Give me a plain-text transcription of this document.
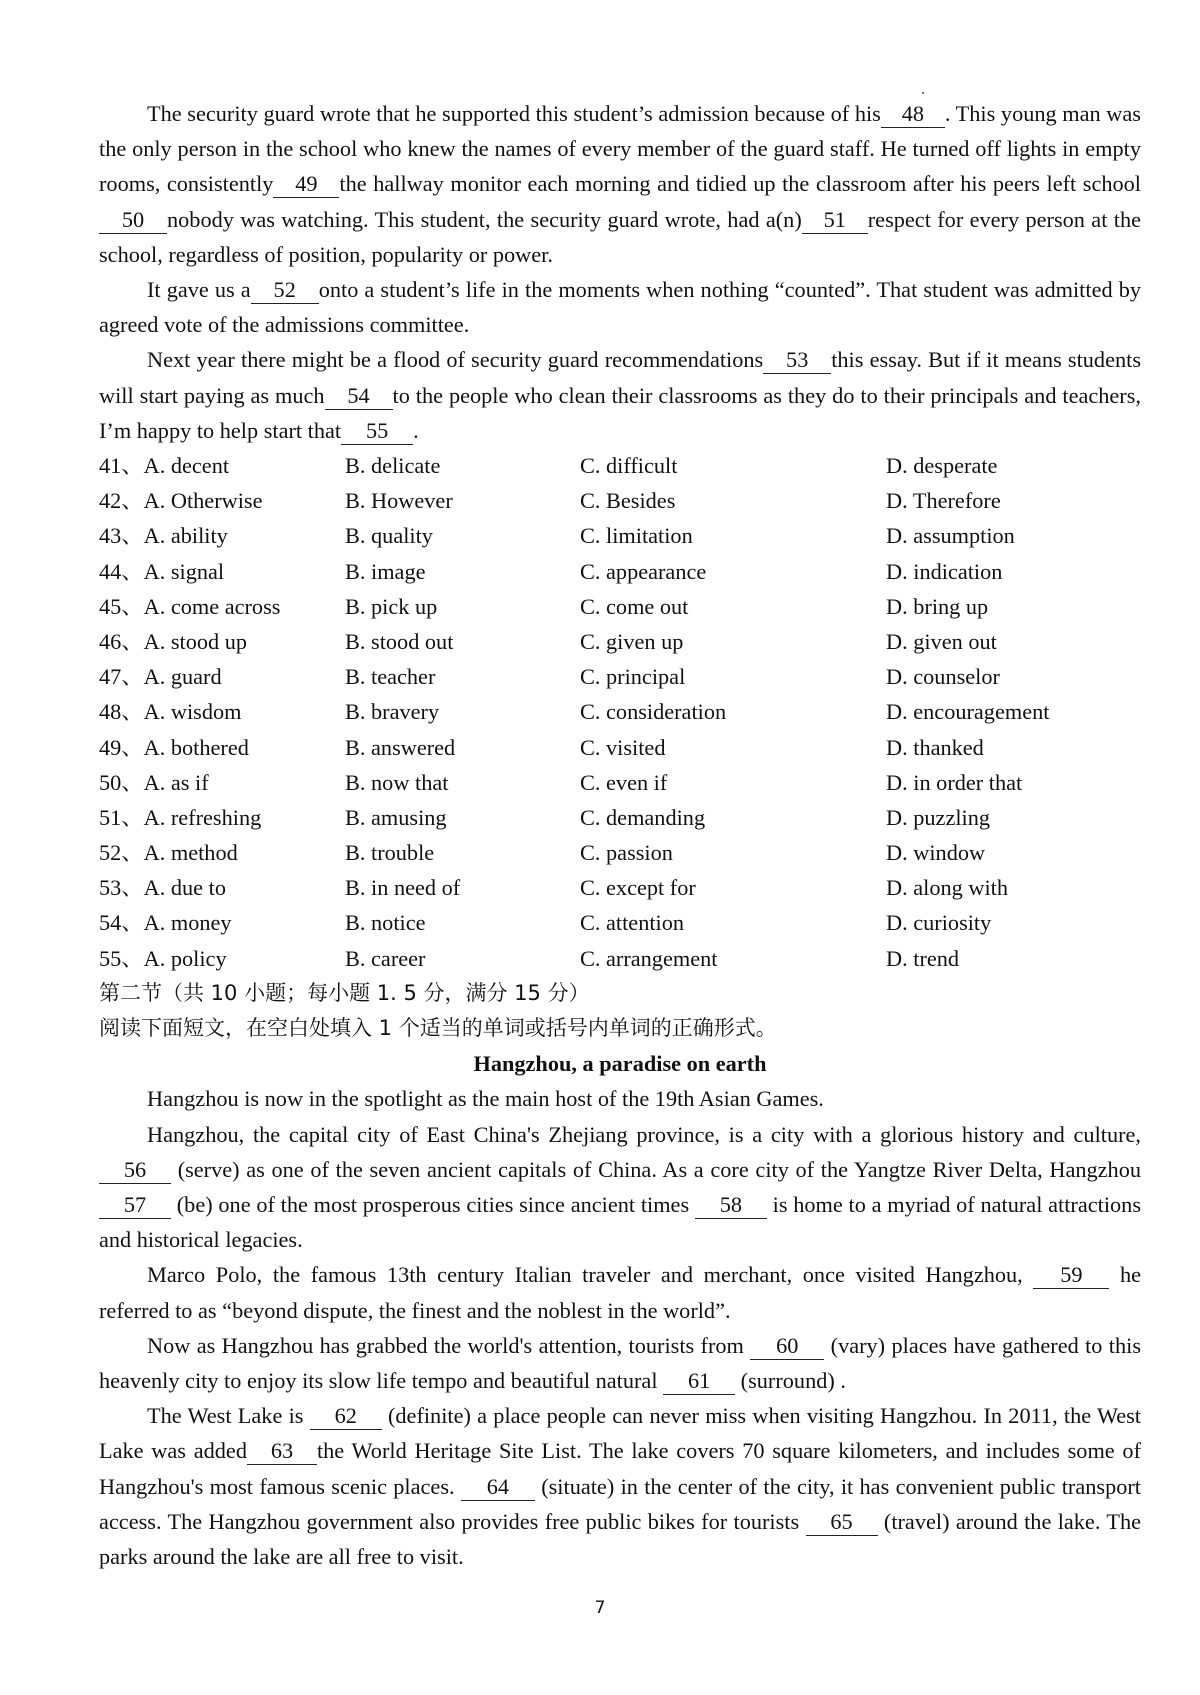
The security guard wrote that he supported this student’s admission because of his 48 . This young man was the only person in the school who knew the names of every member of the guard staff. He turned off lights in empty rooms, consistently 49 the hallway monitor each morning and tidied up the classroom after his peers left school50 nobody was watching. This student, the security guard wrote, had a(n) 51 respect for every person at the school, regardless of position, popularity or power.

It gave us a 52 onto a student’s life in the moments when nothing “counted”. That student was admitted by agreed vote of the admissions committee.

Next year there might be a flood of security guard recommendations 53 this essay. But if it means students will start paying as much 54 to the people who clean their classrooms as they do to their principals and teachers, I’m happy to help start that 55 .

41、A. decent	B. delicate	C. difficult	D. desperate
42、A. Otherwise	B. However	C. Besides	D. Therefore
43、A. ability	B. quality	C. limitation	D. assumption
44、A. signal	B. image	C. appearance	D. indication
45、A. come across	B. pick up	C. come out	D. bring up
46、A. stood up	B. stood out	C. given up	D. given out
47、A. guard	B. teacher	C. principal	D. counselor
48、A. wisdom	B. bravery	C. consideration	D. encouragement
49、A. bothered	B. answered	C. visited	D. thanked
50、A. as if	B. now that	C. even if	D. in order that
51、A. refreshing	B. amusing	C. demanding	D. puzzling
52、A. method	B. trouble	C. passion	D. window
53、A. due to	B. in need of	C. except for	D. along with
54、A. money	B. notice	C. attention	D. curiosity
55、A. policy	B. career	C. arrangement	D. trend

第二节（共 10 小题；每小题 1. 5 分，满分 15 分）

阅读下面短文，在空白处填入 1 个适当的单词或括号内单词的正确形式。

Hangzhou, a paradise on earth

Hangzhou is now in the spotlight as the main host of the 19th Asian Games.

Hangzhou, the capital city of East China's Zhejiang province, is a city with a glorious history and culture, 56 (serve) as one of the seven ancient capitals of China. As a core city of the Yangtze River Delta, Hangzhou 57 (be) one of the most prosperous cities since ancient times 58 is home to a myriad of natural attractions and historical legacies.

Marco Polo, the famous 13th century Italian traveler and merchant, once visited Hangzhou, 59 he referred to as “beyond dispute, the finest and the noblest in the world”.

Now as Hangzhou has grabbed the world's attention, tourists from 60 (vary) places have gathered to this heavenly city to enjoy its slow life tempo and beautiful natural 61 (surround) .

The West Lake is 62 (definite) a place people can never miss when visiting Hangzhou. In 2011, the West Lake was added 63 the World Heritage Site List. The lake covers 70 square kilometers, and includes some of Hangzhou's most famous scenic places. 64 (situate) in the center of the city, it has convenient public transport access. The Hangzhou government also provides free public bikes for tourists 65 (travel) around the lake. The parks around the lake are all free to visit.

7
